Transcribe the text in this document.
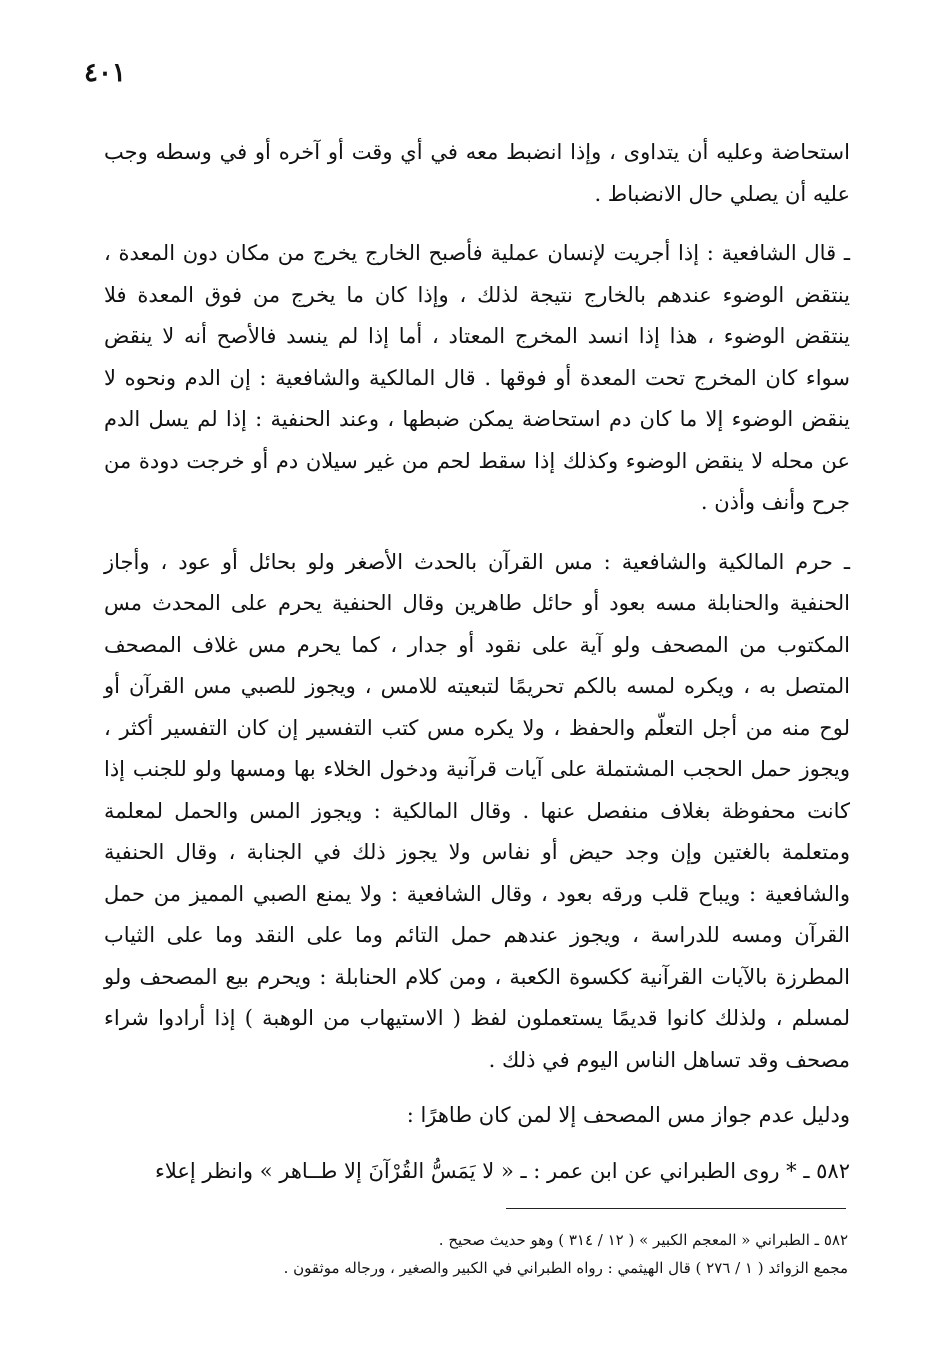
٤٠١

استحاضة وعليه أن يتداوى ، وإذا انضبط معه في أي وقت أو آخره أو في وسطه وجب عليه أن يصلي حال الانضباط .

ـ قال الشافعية : إذا أجريت لإنسان عملية فأصبح الخارج يخرج من مكان دون المعدة ، ينتقض الوضوء عندهم بالخارج نتيجة لذلك ، وإذا كان ما يخرج من فوق المعدة فلا ينتقض الوضوء ، هذا إذا انسد المخرج المعتاد ، أما إذا لم ينسد فالأصح أنه لا ينقض سواء كان المخرج تحت المعدة أو فوقها . قال المالكية والشافعية : إن الدم ونحوه لا ينقض الوضوء إلا ما كان دم استحاضة يمكن ضبطها ، وعند الحنفية : إذا لم يسل الدم عن محله لا ينقض الوضوء وكذلك إذا سقط لحم من غير سيلان دم أو خرجت دودة من جرح وأنف وأذن .

ـ حرم المالكية والشافعية : مس القرآن بالحدث الأصغر ولو بحائل أو عود ، وأجاز الحنفية والحنابلة مسه بعود أو حائل طاهرين وقال الحنفية يحرم على المحدث مس المكتوب من المصحف ولو آية على نقود أو جدار ، كما يحرم مس غلاف المصحف المتصل به ، ويكره لمسه بالكم تحريمًا لتبعيته للامس ، ويجوز للصبي مس القرآن أو لوح منه من أجل التعلّم والحفظ ، ولا يكره مس كتب التفسير إن كان التفسير أكثر ، ويجوز حمل الحجب المشتملة على آيات قرآنية ودخول الخلاء بها ومسها ولو للجنب إذا كانت محفوظة بغلاف منفصل عنها . وقال المالكية : ويجوز المس والحمل لمعلمة ومتعلمة بالغتين وإن وجد حيض أو نفاس ولا يجوز ذلك في الجنابة ، وقال الحنفية والشافعية : ويباح قلب ورقه بعود ، وقال الشافعية : ولا يمنع الصبي المميز من حمل القرآن ومسه للدراسة ، ويجوز عندهم حمل التائم وما على النقد وما على الثياب المطرزة بالآيات القرآنية ككسوة الكعبة ، ومن كلام الحنابلة : ويحرم بيع المصحف ولو لمسلم ، ولذلك كانوا قديمًا يستعملون لفظ ( الاستيهاب من الوهبة ) إذا أرادوا شراء مصحف وقد تساهل الناس اليوم في ذلك .

ودليل عدم جواز مس المصحف إلا لمن كان طاهرًا :

٥٨٢ ـ * روى الطبراني عن ابن عمر : ـ « لا يَمَسُّ القُرْآنَ إلا طــاهر » وانظر إعلاء

٥٨٢ ـ الطبراني « المعجم الكبير » ( ١٢ / ٣١٤ ) وهو حديث صحيح .
مجمع الزوائد ( ١ / ٢٧٦ ) قال الهيثمي : رواه الطبراني في الكبير والصغير ، ورجاله موثقون .
